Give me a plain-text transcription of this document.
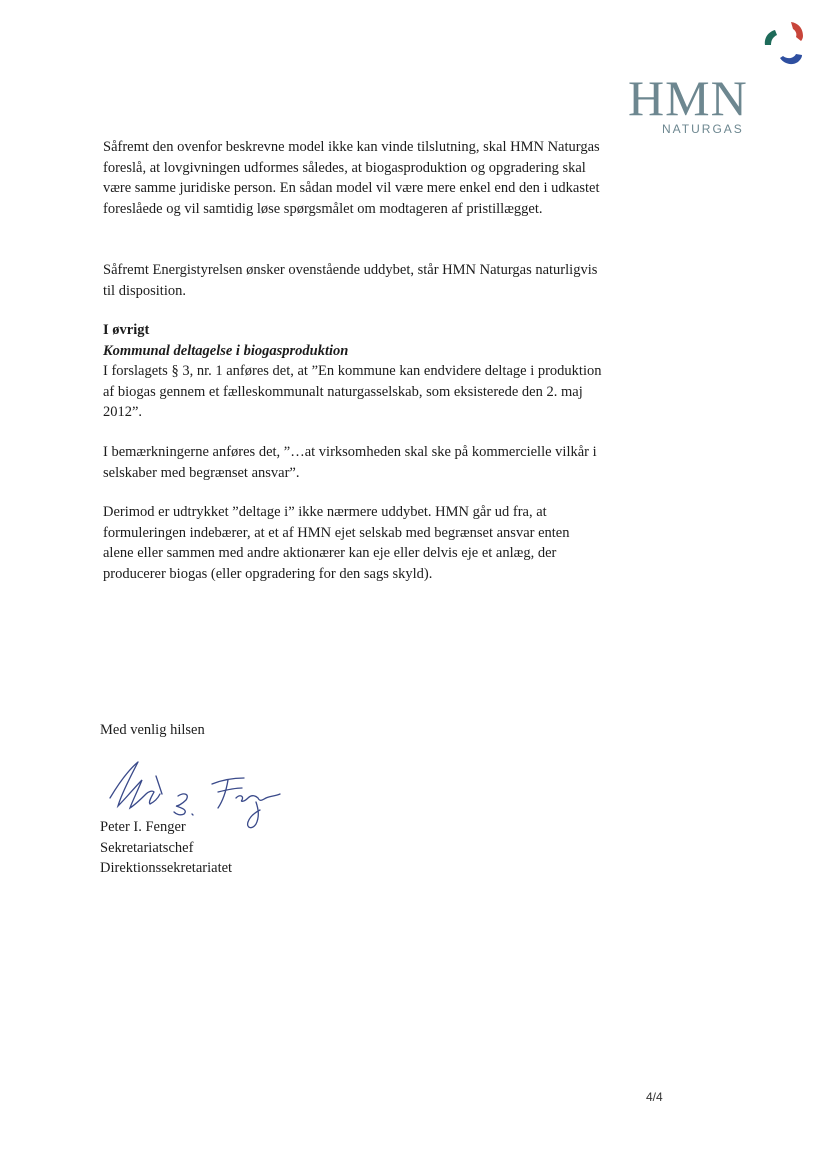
HMN
NATURGAS
Såfremt den ovenfor beskrevne model ikke kan vinde tilslutning, skal HMN Naturgas foreslå, at lovgivningen udformes således, at biogasproduktion og opgradering skal være samme juridiske person. En sådan model vil være mere enkel end den i udkastet foreslåede og vil samtidig løse spørgsmålet om modtageren af pristillægget.
Såfremt Energistyrelsen ønsker ovenstående uddybet, står HMN Naturgas naturligvis til disposition.
I øvrigt
Kommunal deltagelse i biogasproduktion
I forslagets § 3, nr. 1 anføres det, at ”En kommune kan endvidere deltage i produktion af biogas gennem et fælleskommunalt naturgasselskab, som eksisterede den 2. maj 2012”.
I bemærkningerne anføres det, ”…at virksomheden skal ske på kommercielle vilkår i selskaber med begrænset ansvar”.
Derimod er udtrykket ”deltage i” ikke nærmere uddybet. HMN går ud fra, at formuleringen indebærer, at et af HMN ejet selskab med begrænset ansvar enten alene eller sammen med andre aktionærer kan eje eller delvis eje et anlæg, der producerer biogas (eller opgradering for den sags skyld).
Med venlig hilsen
Peter I. Fenger
Sekretariatschef
Direktionssekretariatet
4/4
